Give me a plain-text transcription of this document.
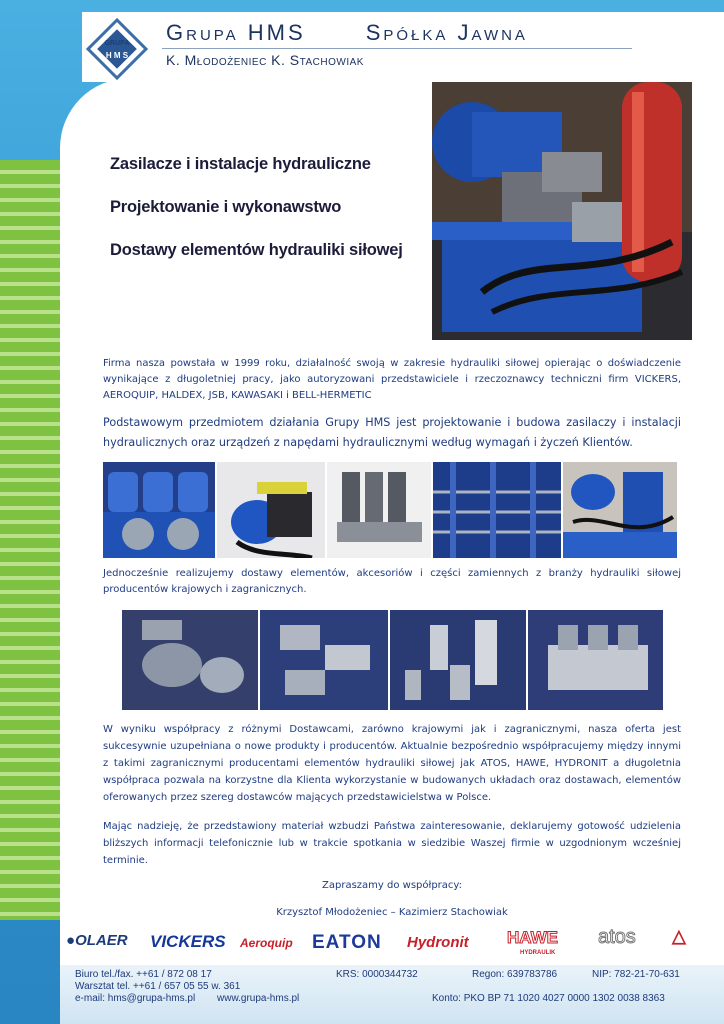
GRUPA
H M S
Grupa HMS	Spółka Jawna
K. Młodożeniec K. Stachowiak
Zasilacze i instalacje hydrauliczne
Projektowanie i wykonawstwo
Dostawy elementów hydrauliki siłowej
Firma nasza powstała w 1999 roku, działalność swoją w zakresie hydrauliki siłowej opierając o doświadczenie wynikające z długoletniej pracy, jako autoryzowani przedstawiciele i rzeczoznawcy techniczni firm VICKERS, AEROQUIP, HALDEX, JSB, KAWASAKI i BELL-HERMETIC
Podstawowym przedmiotem działania Grupy HMS jest projektowanie i budowa zasilaczy i instalacji hydraulicznych oraz urządzeń z napędami hydraulicznymi według wymagań i życzeń Klientów.
Jednocześnie realizujemy dostawy elementów, akcesoriów i części zamiennych z branży hydrauliki siłowej producentów krajowych i zagranicznych.
W wyniku współpracy z różnymi Dostawcami, zarówno krajowymi jak i zagranicznymi, nasza oferta jest sukcesywnie uzupełniana o nowe produkty i producentów. Aktualnie bezpośrednio współpracujemy między innymi z takimi zagranicznymi producentami elementów hydrauliki siłowej jak ATOS, HAWE, HYDRONIT a długoletnia współpraca pozwala na korzystne dla Klienta wykorzystanie w budowanych układach oraz dostawach, elementów oferowanych przez szereg dostawców mających przedstawicielstwa w Polsce.
Mając nadzieję, że przedstawiony materiał wzbudzi Państwa zainteresowanie, deklarujemy gotowość udzielenia bliższych informacji telefonicznie lub w trakcie spotkania w siedzibie Waszej firmie w uzgodnionym wcześniej terminie.
Zapraszamy do współpracy:
Krzysztof Młodożeniec – Kazimierz Stachowiak
●OLAER VICKERS Aeroquip EATON Hydronit HAWE
HYDRAULIK
atos △
Biuro tel./fax. ++61 / 872 08 17
Warsztat tel. ++61 / 657 05 55 w. 361
e-mail: hms@grupa-hms.pl www.grupa-hms.pl
KRS: 0000344732	Regon: 639783786	NIP: 782-21-70-631
Konto: PKO BP 71 1020 4027 0000 1302 0038 8363
